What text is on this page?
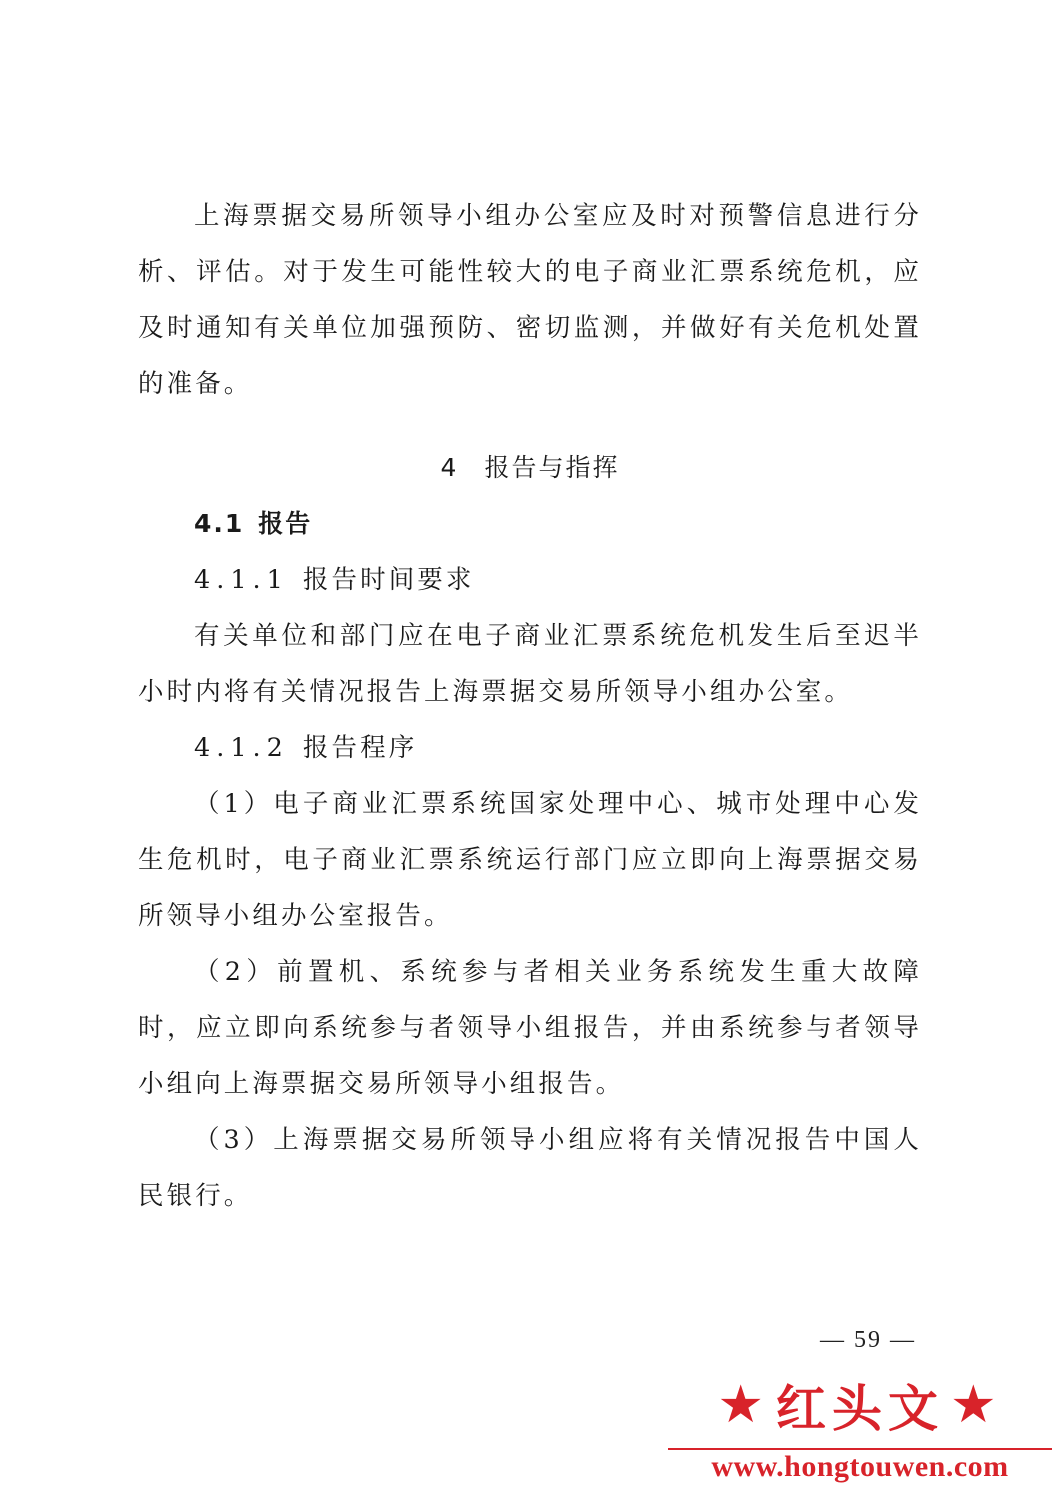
上海票据交易所领导小组办公室应及时对预警信息进行分析、评估。对于发生可能性较大的电子商业汇票系统危机，应及时通知有关单位加强预防、密切监测，并做好有关危机处置的准备。

4 报告与指挥
4.1 报告

4.1.1 报告时间要求

有关单位和部门应在电子商业汇票系统危机发生后至迟半小时内将有关情况报告上海票据交易所领导小组办公室。

4.1.2 报告程序

（1）电子商业汇票系统国家处理中心、城市处理中心发生危机时，电子商业汇票系统运行部门应立即向上海票据交易所领导小组办公室报告。

（2）前置机、系统参与者相关业务系统发生重大故障时，应立即向系统参与者领导小组报告，并由系统参与者领导小组向上海票据交易所领导小组报告。

（3）上海票据交易所领导小组应将有关情况报告中国人民银行。

— 59 —
★ 红头文 ★
www.hongtouwen.com
